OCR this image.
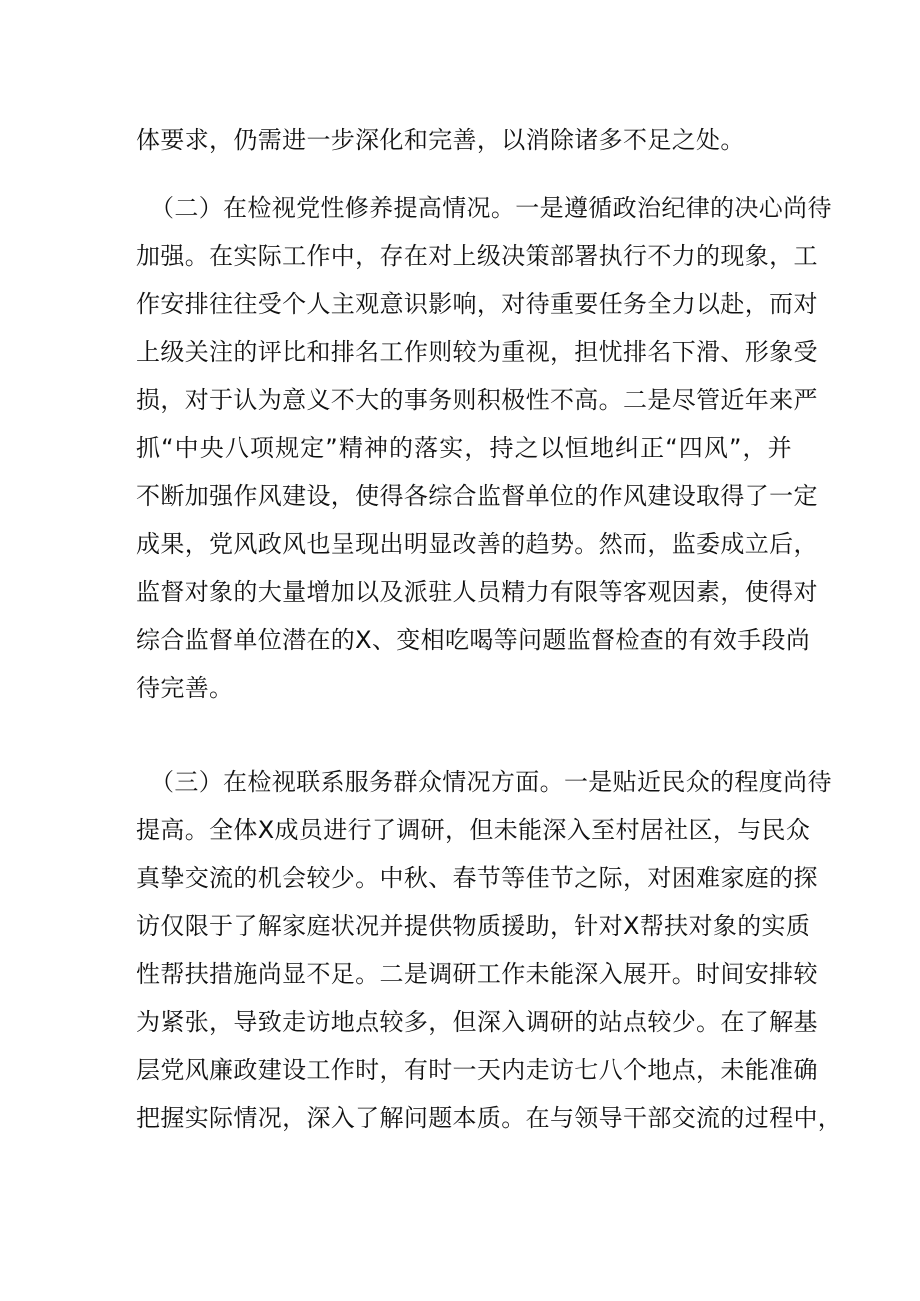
体要求，仍需进一步深化和完善，以消除诸多不足之处。
（二）在检视党性修养提高情况。一是遵循政治纪律的决心尚待
加强。在实际工作中，存在对上级决策部署执行不力的现象，工
作安排往往受个人主观意识影响，对待重要任务全力以赴，而对
上级关注的评比和排名工作则较为重视，担忧排名下滑、形象受
损，对于认为意义不大的事务则积极性不高。二是尽管近年来严
抓“中央八项规定”精神的落实，持之以恒地纠正“四风”，并
不断加强作风建设，使得各综合监督单位的作风建设取得了一定
成果，党风政风也呈现出明显改善的趋势。然而，监委成立后，
监督对象的大量增加以及派驻人员精力有限等客观因素，使得对
综合监督单位潜在的X、变相吃喝等问题监督检查的有效手段尚
待完善。
（三）在检视联系服务群众情况方面。一是贴近民众的程度尚待
提高。全体X成员进行了调研，但未能深入至村居社区，与民众
真挚交流的机会较少。中秋、春节等佳节之际，对困难家庭的探
访仅限于了解家庭状况并提供物质援助，针对X帮扶对象的实质
性帮扶措施尚显不足。二是调研工作未能深入展开。时间安排较
为紧张，导致走访地点较多，但深入调研的站点较少。在了解基
层党风廉政建设工作时，有时一天内走访七八个地点，未能准确
把握实际情况，深入了解问题本质。在与领导干部交流的过程中，
